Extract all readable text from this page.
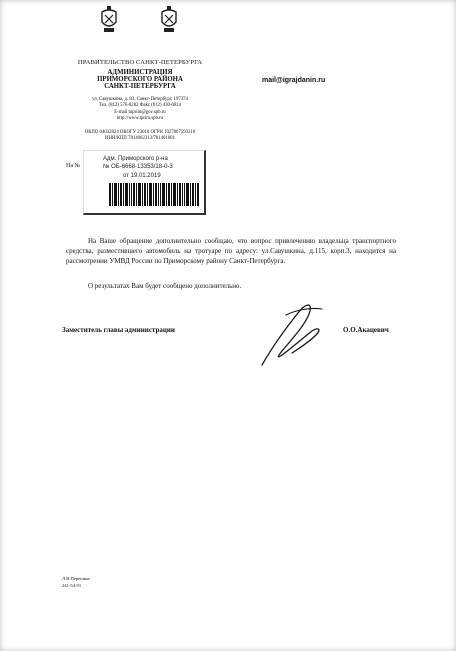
ПРАВИТЕЛЬСТВО САНКТ-ПЕТЕРБУРГА
АДМИНИСТРАЦИЯ
ПРИМОРСКОГО РАЙОНА
САНКТ-ПЕТЕРБУРГА
ул. Савушкина, д. 83, Санкт-Петербург, 197374
Тел. (812) 576-8282 Факс (812) 430-0814
E-mail tuprim@gov.spb.ru
http://www.tprim.spb.ru
ОКПО 04032824 ОКОГУ 23010 ОГРН 1027807593318
ИНН/КПП 7814002313/781401001
mail@igrajdanin.ru
На №
Адм. Приморского р-на
№ ОБ-6668-13353/18-0-3
от 19.01.2019
На Ваше обращение дополнительно сообщаю, что вопрос привлечению владельца транспортного средства, разместившего автомобиль на тротуаре по адресу: ул.Савушкина, д.115, корп.3, находится на рассмотрении УМВД России по Приморскому району Санкт-Петербурга.
О результатах Вам будет сообщено дополнительно.
Заместитель главы администрации	О.О.Акацевич
Л.В.Перепина
241-54-91
